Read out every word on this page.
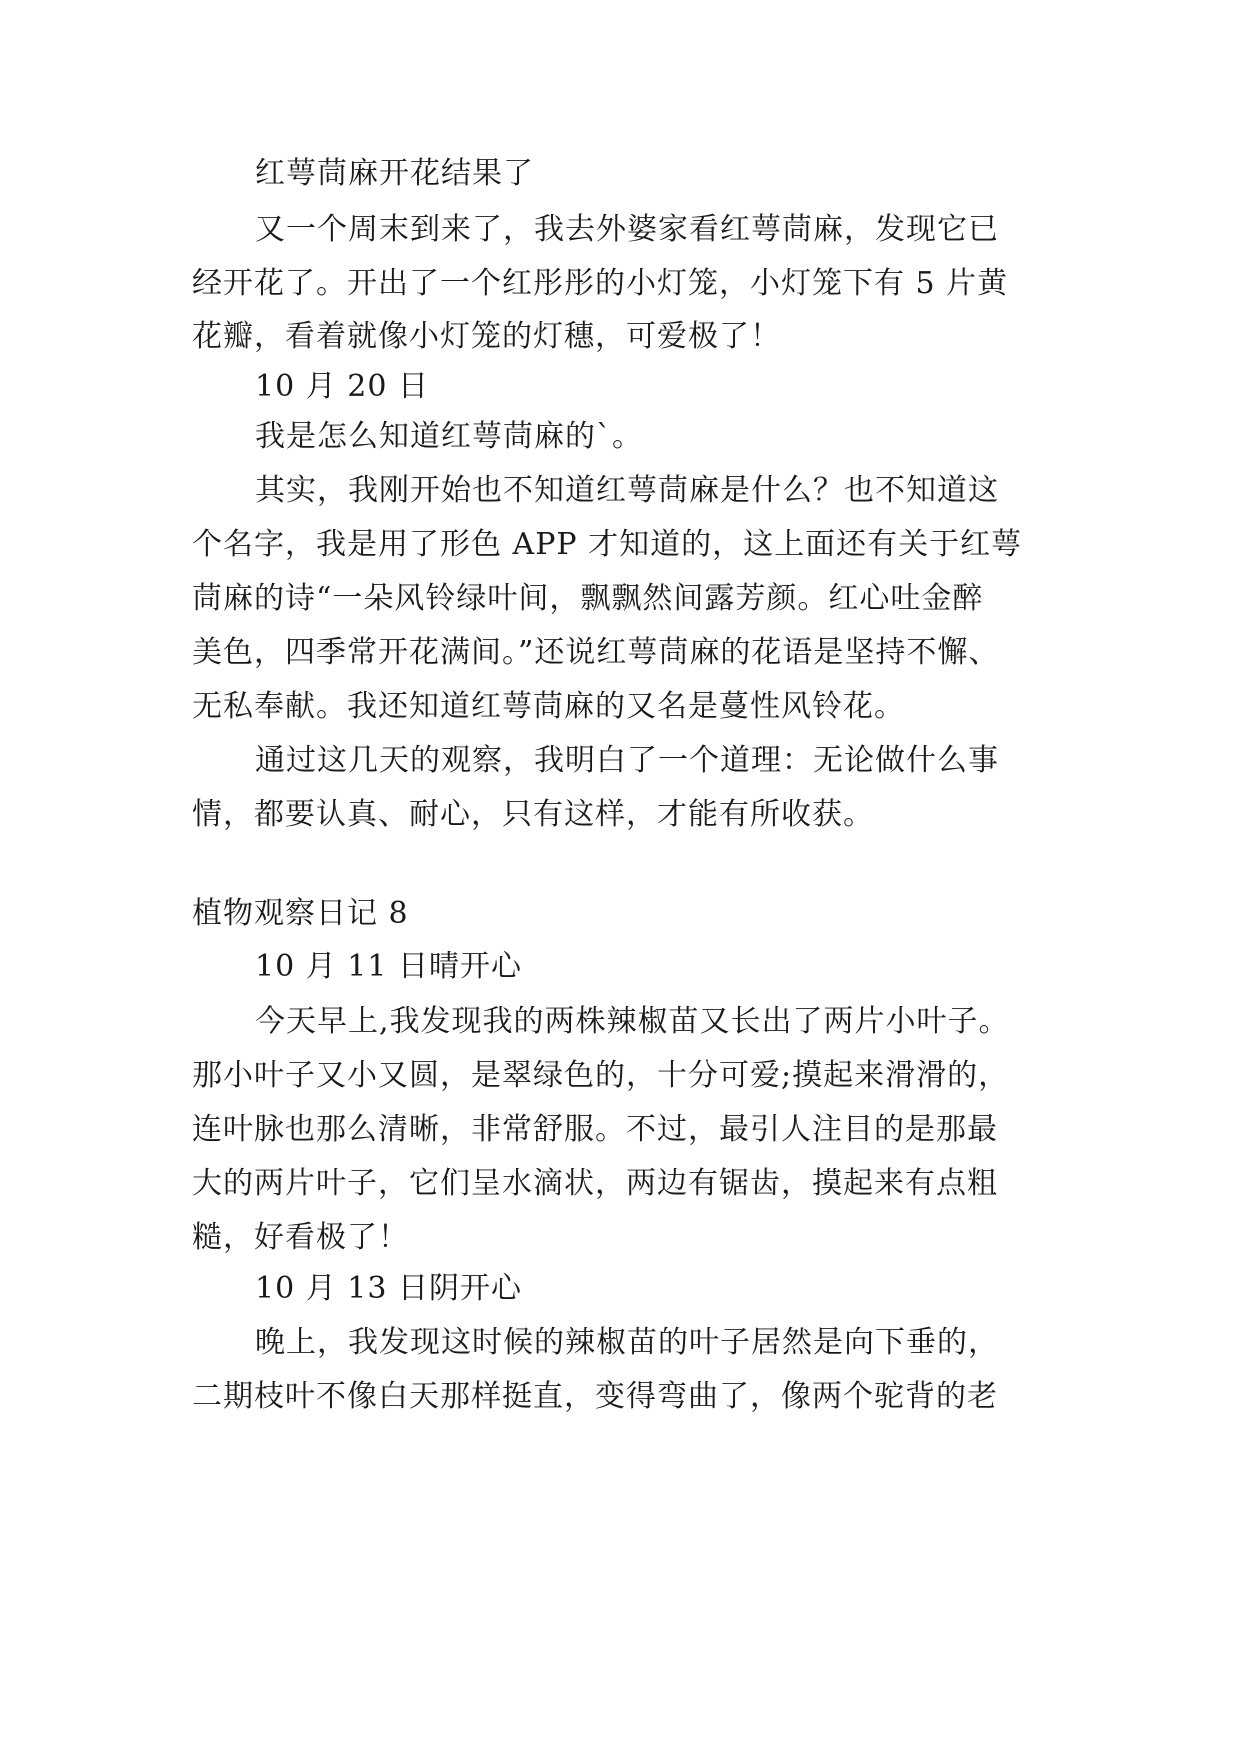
红萼茼麻开花结果了
又一个周末到来了，我去外婆家看红萼茼麻，发现它已
经开花了。开出了一个红彤彤的小灯笼，小灯笼下有 5 片黄
花瓣，看着就像小灯笼的灯穗，可爱极了！
10 月 20 日
我是怎么知道红萼茼麻的`。
其实，我刚开始也不知道红萼茼麻是什么？也不知道这
个名字，我是用了形色 APP 才知道的，这上面还有关于红萼
茼麻的诗“一朵风铃绿叶间，飘飘然间露芳颜。红心吐金醉
美色，四季常开花满间。”还说红萼茼麻的花语是坚持不懈、
无私奉献。我还知道红萼茼麻的又名是蔓性风铃花。
通过这几天的观察，我明白了一个道理：无论做什么事
情，都要认真、耐心，只有这样，才能有所收获。
植物观察日记 8
10 月 11 日晴开心
今天早上,我发现我的两株辣椒苗又长出了两片小叶子。
那小叶子又小又圆，是翠绿色的，十分可爱;摸起来滑滑的，
连叶脉也那么清晰，非常舒服。不过，最引人注目的是那最
大的两片叶子，它们呈水滴状，两边有锯齿，摸起来有点粗
糙，好看极了！
10 月 13 日阴开心
晚上，我发现这时候的辣椒苗的叶子居然是向下垂的，
二期枝叶不像白天那样挺直，变得弯曲了，像两个驼背的老
